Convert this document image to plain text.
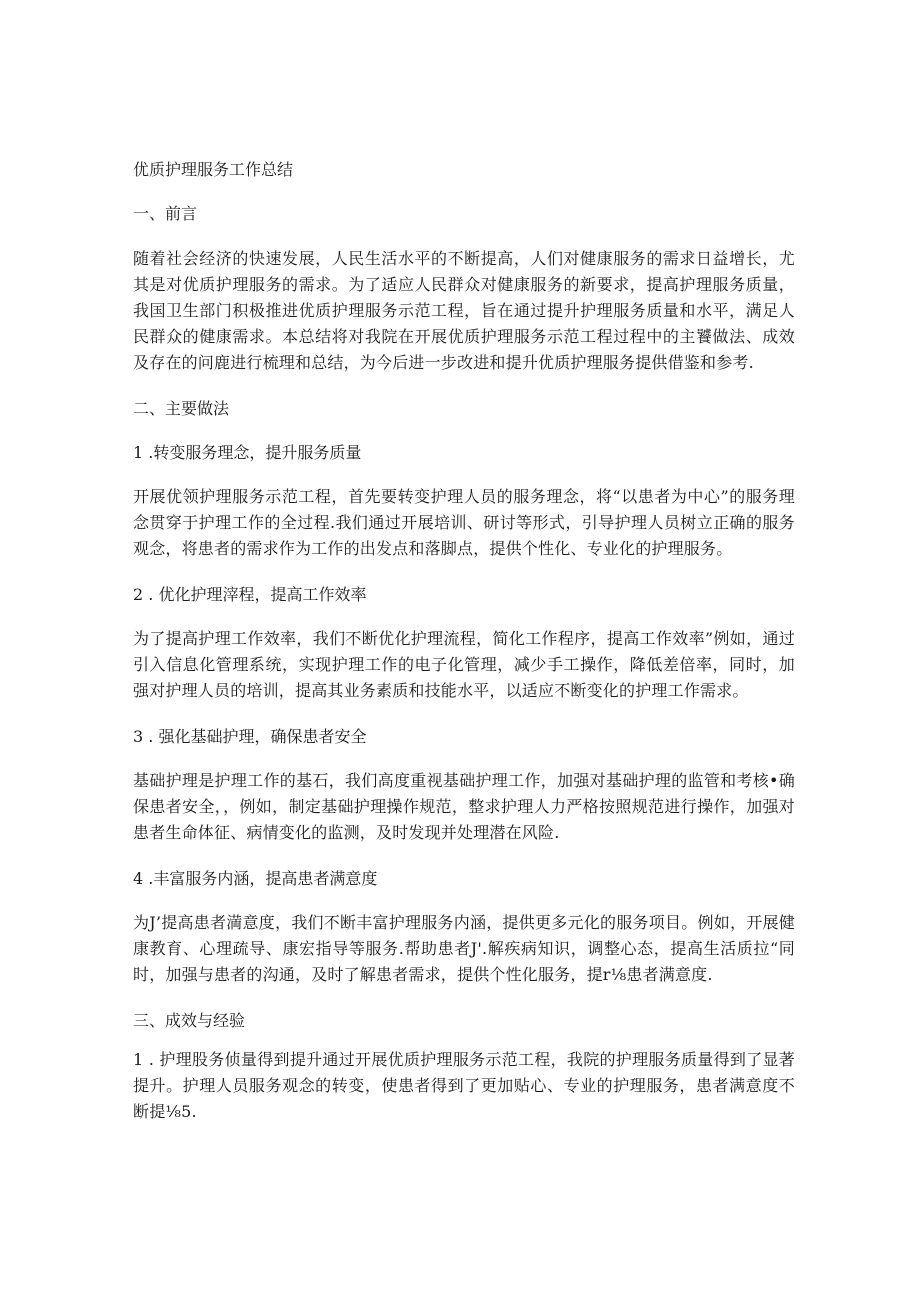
优质护理服务工作总结

一、前言

随着社会经济的快速发展，人民生活水平的不断提高，人们对健康服务的需求日益增长，尤其是对优质护理服务的需求。为了适应人民群众对健康服务的新要求，提高护理服务质量，我国卫生部门积极推进优质护理服务示范工程，旨在通过提升护理服务质量和水平，满足人民群众的健康需求。本总结将对我院在开展优质护理服务示范工程过程中的主饕做法、成效及存在的问鹿进行梳理和总结，为今后进一步改进和提升优质护理服务提供借鉴和参考.

二、主要做法

1 .转变服务理念，提升服务质量

开展优领护理服务示范工程，首先要转变护理人员的服务理念，将“以患者为中心”的服务理念贯穿于护理工作的全过程.我们通过开展培训、研讨等形式，引导护理人员树立正确的服务观念，将患者的需求作为工作的出发点和落脚点，提供个性化、专业化的护理服务。

2 . 优化护理滓程，提高工作效率

为了提高护理工作效率，我们不断优化护理流程，简化工作程序，提高工作效率”例如，通过引入信息化管理系统，实现护理工作的电子化管理，减少手工操作，降低差倍率，同时，加强对护理人员的培训，提高其业务素质和技能水平，以适应不断变化的护理工作需求。

3 . 强化基础护理，确保患者安全

基础护理是护理工作的基石，我们高度重视基础护理工作，加强对基础护理的监管和考核•确保患者安全，，例如，制定基础护理操作规范，整求护理人力严格按照规范进行操作，加强对患者生命体征、病情变化的监测，及时发现并处理潜在风险.

4 .丰富服务内涵，提高患者满意度

为J’提高患者満意度，我们不断丰富护理服务内涵，提供更多元化的服务项目。例如，开展健康教育、心理疏导、康宏指导等服务.帮助患者J'.解疾病知识，调整心态，提高生活质拉“同时，加强与患者的沟通，及时了解患者需求，提供个性化服务，提r⅛患者满意度.

三、成效与经验

1 . 护理股务侦量得到提升通过开展优质护理服务示范工程，我院的护理服务质量得到了显著提升。护理人员服务观念的转变，使患者得到了更加贴心、专业的护理服务，患者满意度不断提⅛5.
